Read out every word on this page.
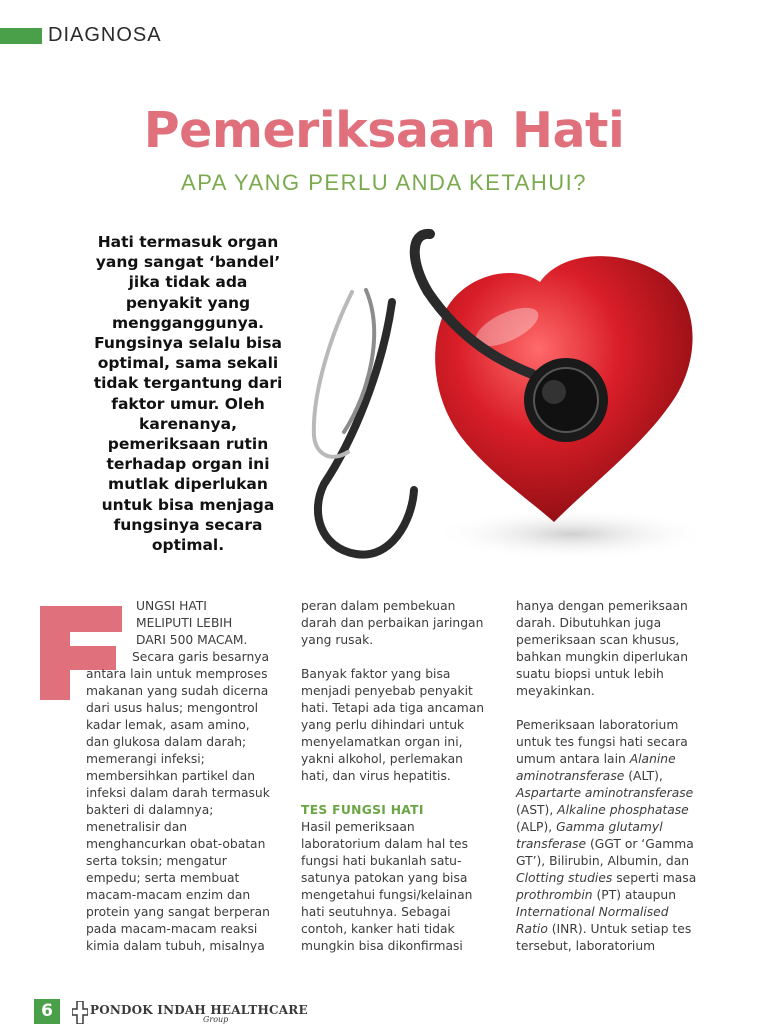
DIAGNOSA
Pemeriksaan Hati
APA YANG PERLU ANDA KETAHUI?

Hati termasuk organ yang sangat ‘bandel’ jika tidak ada penyakit yang mengganggunya. Fungsinya selalu bisa optimal, sama sekali tidak tergantung dari faktor umur. Oleh karenanya, pemeriksaan rutin terhadap organ ini mutlak diperlukan untuk bisa menjaga fungsinya secara optimal.

UNGSI HATI
MELIPUTI LEBIH
DARI 500 MACAM.

Secara garis besarnya antara lain untuk memproses makanan yang sudah dicerna dari usus halus; mengontrol kadar lemak, asam amino, dan glukosa dalam darah; memerangi infeksi; membersihkan partikel dan infeksi dalam darah termasuk bakteri di dalamnya; menetralisir dan menghancurkan obat-obatan serta toksin; mengatur empedu; serta membuat macam-macam enzim dan protein yang sangat berperan pada macam-macam reaksi kimia dalam tubuh, misalnya

peran dalam pembekuan darah dan perbaikan jaringan yang rusak.

Banyak faktor yang bisa menjadi penyebab penyakit hati. Tetapi ada tiga ancaman yang perlu dihindari untuk menyelamatkan organ ini, yakni alkohol, perlemakan hati, dan virus hepatitis.

TES FUNGSI HATI

Hasil pemeriksaan laboratorium dalam hal tes fungsi hati bukanlah satu-satunya patokan yang bisa mengetahui fungsi/kelainan hati seutuhnya. Sebagai contoh, kanker hati tidak mungkin bisa dikonfirmasi

hanya dengan pemeriksaan darah. Dibutuhkan juga pemeriksaan scan khusus, bahkan mungkin diperlukan suatu biopsi untuk lebih meyakinkan.

Pemeriksaan laboratorium untuk tes fungsi hati secara umum antara lain Alanine aminotransferase (ALT), Aspartarte aminotransferase (AST), Alkaline phosphatase (ALP), Gamma glutamyl transferase (GGT or ‘Gamma GT’), Bilirubin, Albumin, dan Clotting studies seperti masa prothrombin (PT) ataupun International Normalised Ratio (INR). Untuk setiap tes tersebut, laboratorium

6	PONDOK INDAH HEALTHCARE
Group
